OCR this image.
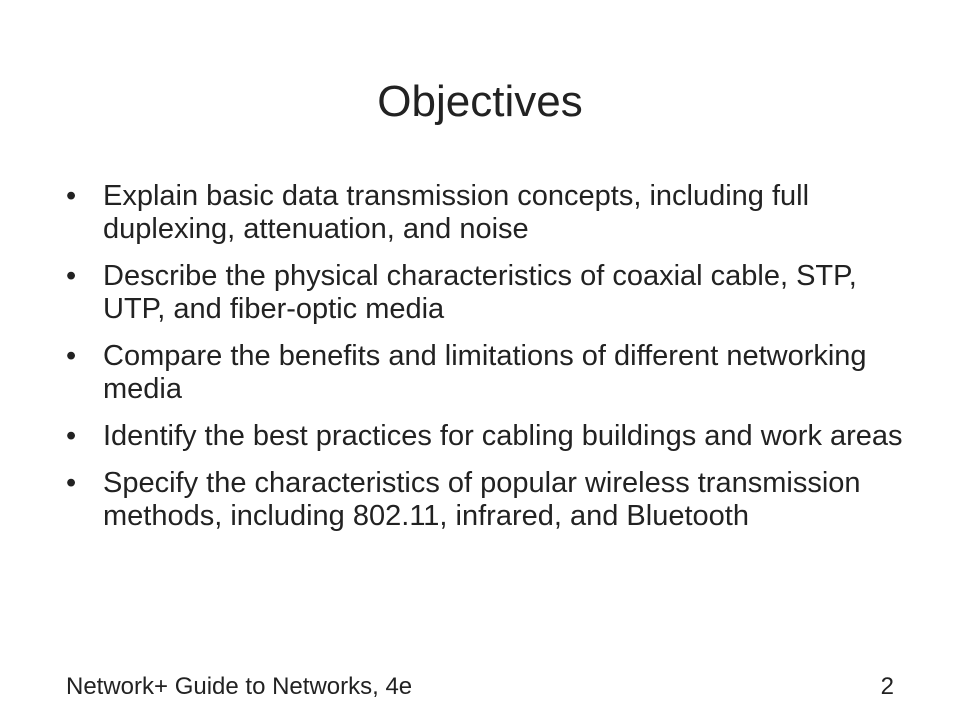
Objectives
• Explain basic data transmission concepts, including full duplexing, attenuation, and noise
• Describe the physical characteristics of coaxial cable, STP, UTP, and fiber-optic media
• Compare the benefits and limitations of different networking media
• Identify the best practices for cabling buildings and work areas
• Specify the characteristics of popular wireless transmission methods, including 802.11, infrared, and Bluetooth
Network+ Guide to Networks, 4e	2
